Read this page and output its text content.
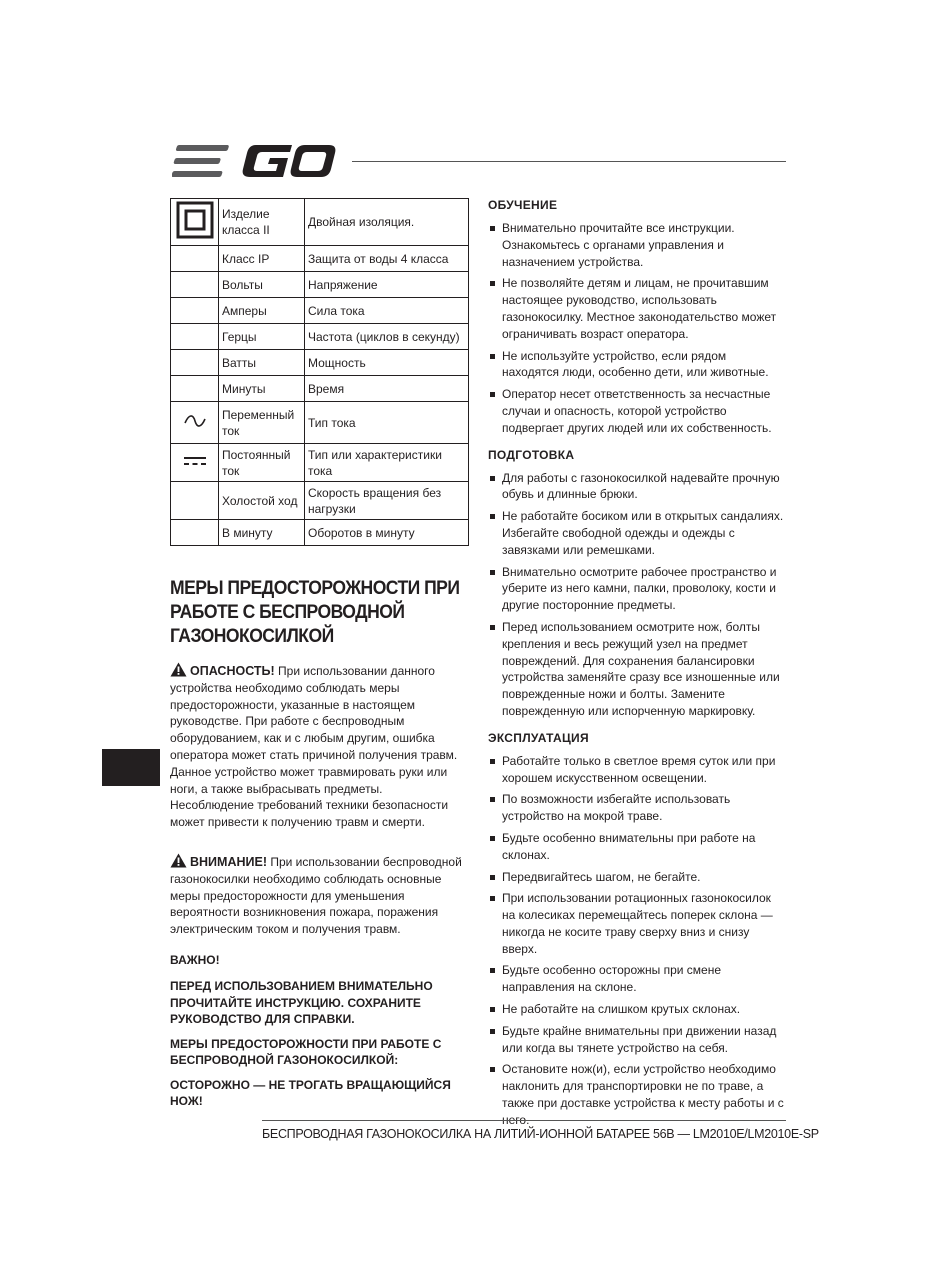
	Изделие класса II	Двойная изоляция.
	Класс IP	Защита от воды 4 класса
	Вольты	Напряжение
	Амперы	Сила тока
	Герцы	Частота (циклов в секунду)
	Ватты	Мощность
	Минуты	Время
	Переменный ток	Тип тока
	Постоянный ток	Тип или характеристики тока
	Холостой ход	Скорость вращения без нагрузки
	В минуту	Оборотов в минуту
МЕРЫ ПРЕДОСТОРОЖНОСТИ ПРИ РАБОТЕ С БЕСПРОВОДНОЙ ГАЗОНОКОСИЛКОЙ

ОПАСНОСТЬ! При использовании данного устройства необходимо соблюдать меры предосторожности, указанные в настоящем руководстве. При работе с беспроводным оборудованием, как и с любым другим, ошибка оператора может стать причиной получения травм. Данное устройство может травмировать руки или ноги, а также выбрасывать предметы. Несоблюдение требований техники безопасности может привести к получению травм и смерти.

ВНИМАНИЕ! При использовании беспроводной газонокосилки необходимо соблюдать основные меры предосторожности для уменьшения вероятности возникновения пожара, поражения электрическим током и получения травм.

ВАЖНО!

ПЕРЕД ИСПОЛЬЗОВАНИЕМ ВНИМАТЕЛЬНО ПРОЧИТАЙТЕ ИНСТРУКЦИЮ. СОХРАНИТЕ РУКОВОДСТВО ДЛЯ СПРАВКИ.

МЕРЫ ПРЕДОСТОРОЖНОСТИ ПРИ РАБОТЕ С БЕСПРОВОДНОЙ ГАЗОНОКОСИЛКОЙ:

ОСТОРОЖНО — НЕ ТРОГАТЬ ВРАЩАЮЩИЙСЯ НОЖ!

ОБУЧЕНИЕ
Внимательно прочитайте все инструкции. Ознакомьтесь с органами управления и назначением устройства.
Не позволяйте детям и лицам, не прочитавшим настоящее руководство, использовать газонокосилку. Местное законодательство может ограничивать возраст оператора.
Не используйте устройство, если рядом находятся люди, особенно дети, или животные.
Оператор несет ответственность за несчастные случаи и опасность, которой устройство подвергает других людей или их собственность.
ПОДГОТОВКА
Для работы с газонокосилкой надевайте прочную обувь и длинные брюки.
Не работайте босиком или в открытых сандалиях. Избегайте свободной одежды и одежды с завязками или ремешками.
Внимательно осмотрите рабочее пространство и уберите из него камни, палки, проволоку, кости и другие посторонние предметы.
Перед использованием осмотрите нож, болты крепления и весь режущий узел на предмет повреждений. Для сохранения балансировки устройства заменяйте сразу все изношенные или поврежденные ножи и болты. Замените поврежденную или испорченную маркировку.
ЭКСПЛУАТАЦИЯ
Работайте только в светлое время суток или при хорошем искусственном освещении.
По возможности избегайте использовать устройство на мокрой траве.
Будьте особенно внимательны при работе на склонах.
Передвигайтесь шагом, не бегайте.
При использовании ротационных газонокосилок на колесиках перемещайтесь поперек склона — никогда не косите траву сверху вниз и снизу вверх.
Будьте особенно осторожны при смене направления на склоне.
Не работайте на слишком крутых склонах.
Будьте крайне внимательны при движении назад или когда вы тянете устройство на себя.
Остановите нож(и), если устройство необходимо наклонить для транспортировки не по траве, а также при доставке устройства к месту работы и с него.
БЕСПРОВОДНАЯ ГАЗОНОКОСИЛКА НА ЛИТИЙ-ИОННОЙ БАТАРЕЕ 56В — LM2010E/LM2010E-SP
